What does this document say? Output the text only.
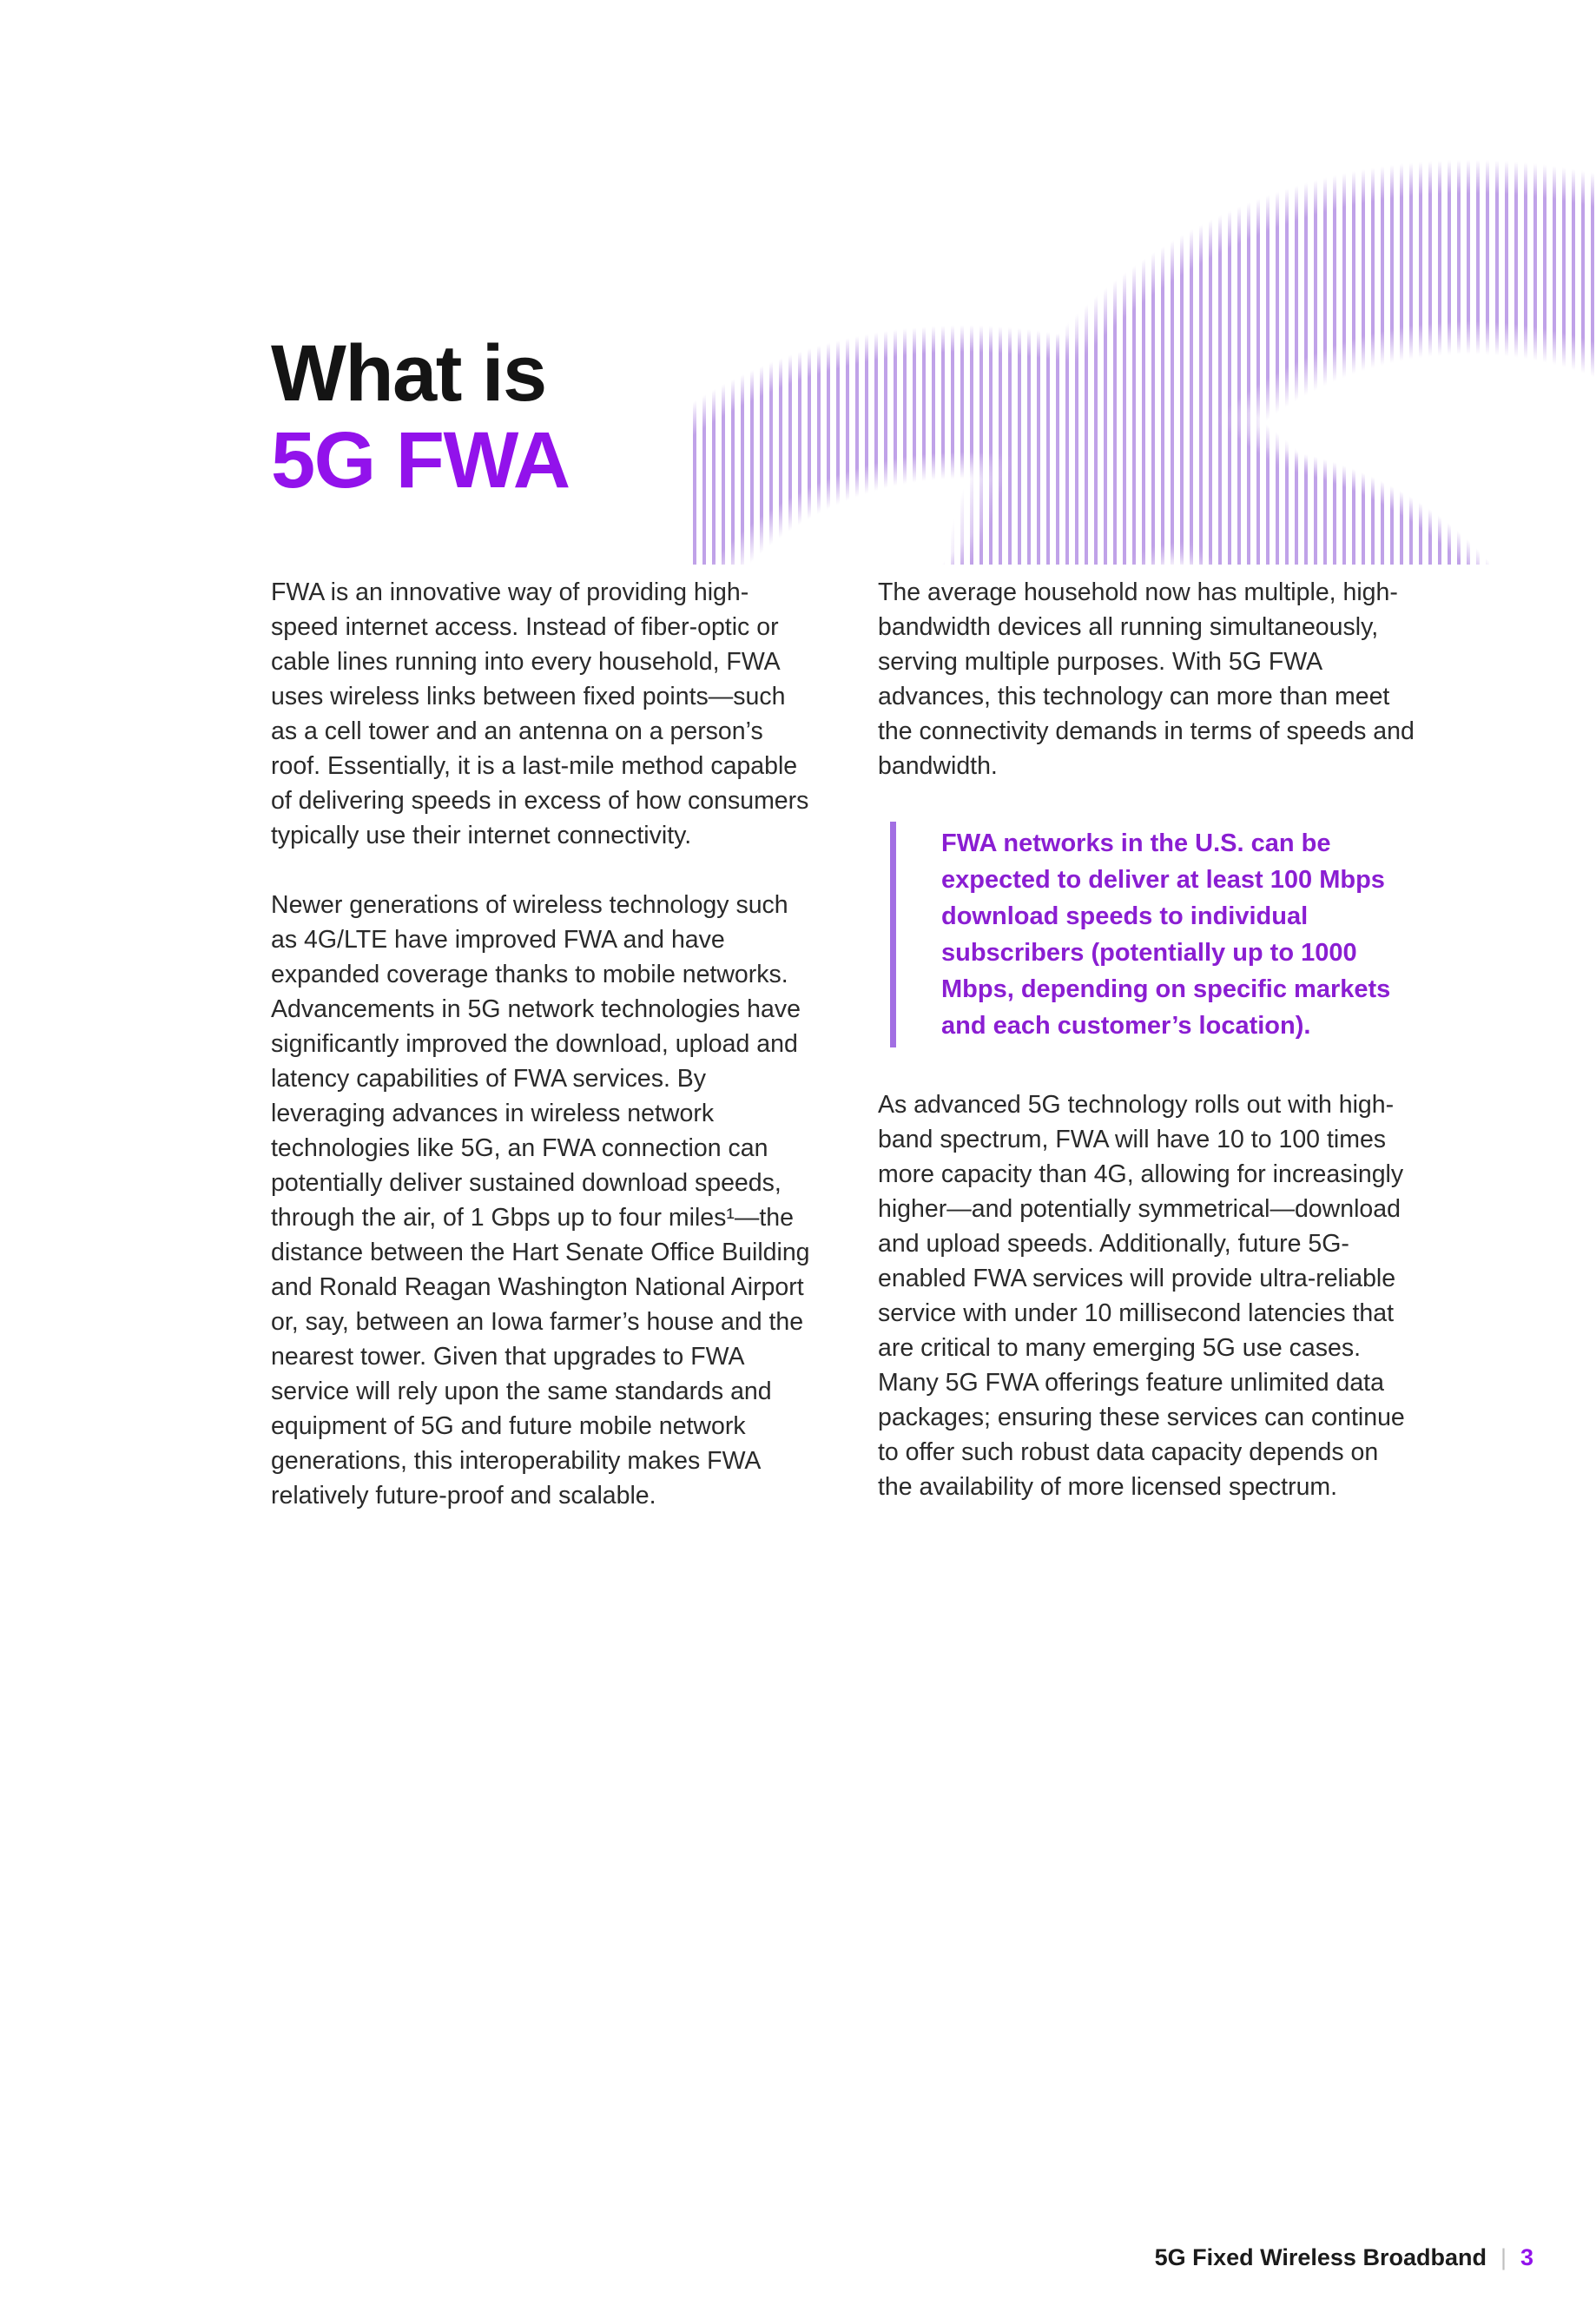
What is
5G FWA

FWA is an innovative way of providing high-speed internet access. Instead of fiber-optic or cable lines running into every household, FWA uses wireless links between fixed points—such as a cell tower and an antenna on a person’s roof. Essentially, it is a last-mile method capable of delivering speeds in excess of how consumers typically use their internet connectivity.

Newer generations of wireless technology such as 4G/LTE have improved FWA and have expanded coverage thanks to mobile networks. Advancements in 5G network technologies have significantly improved the download, upload and latency capabilities of FWA services. By leveraging advances in wireless network technologies like 5G, an FWA connection can potentially deliver sustained download speeds, through the air, of 1 Gbps up to four miles¹—the distance between the Hart Senate Office Building and Ronald Reagan Washington National Airport or, say, between an Iowa farmer’s house and the nearest tower. Given that upgrades to FWA service will rely upon the same standards and equipment of 5G and future mobile network generations, this interoperability makes FWA relatively future-proof and scalable.

The average household now has multiple, high-bandwidth devices all running simultaneously, serving multiple purposes. With 5G FWA advances, this technology can more than meet the connectivity demands in terms of speeds and bandwidth.

FWA networks in the U.S. can be expected to deliver at least 100 Mbps download speeds to individual subscribers (potentially up to 1000 Mbps, depending on specific markets and each customer’s location).

As advanced 5G technology rolls out with high-band spectrum, FWA will have 10 to 100 times more capacity than 4G, allowing for increasingly higher—and potentially symmetrical—download and upload speeds. Additionally, future 5G-enabled FWA services will provide ultra-reliable service with under 10 millisecond latencies that are critical to many emerging 5G use cases. Many 5G FWA offerings feature unlimited data packages; ensuring these services can continue to offer such robust data capacity depends on the availability of more licensed spectrum.

5G Fixed Wireless Broadband | 3
